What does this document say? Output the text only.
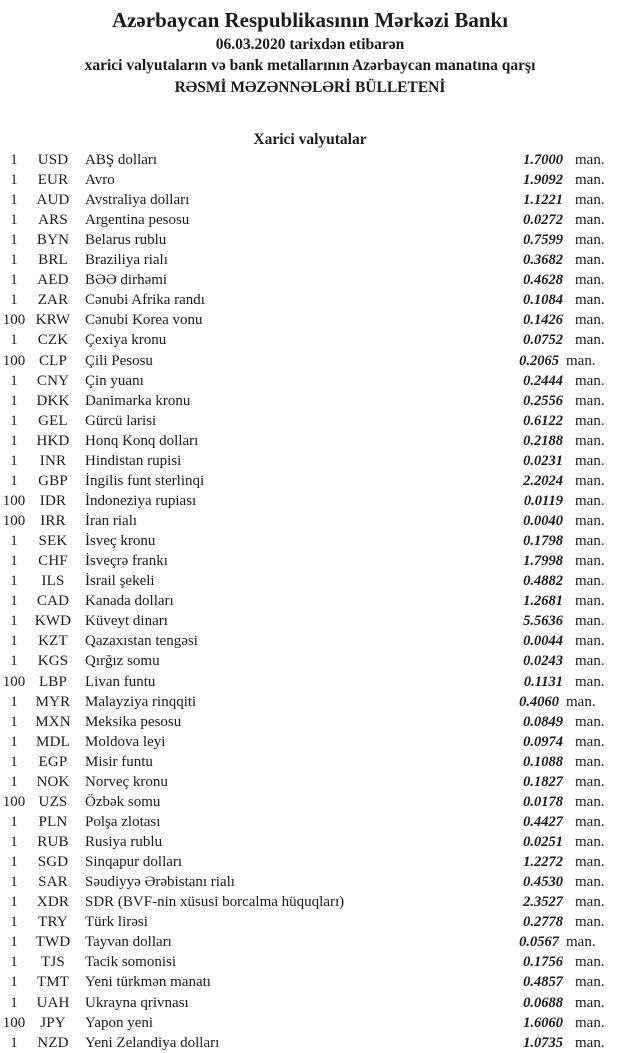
Azərbaycan Respublikasının Mərkəzi Bankı
06.03.2020 tarixdən etibarən
xarici valyutaların və bank metallarının Azərbaycan manatına qarşı
RƏSMİ MƏZƏNNƏLƏRİ BÜLLETENİ
Xarici valyutalar
1	USD	ABŞ dolları	1.7000 man.
1	EUR	Avro	1.9092 man.
1	AUD	Avstraliya dolları	1.1221 man.
1	ARS	Argentina pesosu	0.0272 man.
1	BYN	Belarus rublu	0.7599 man.
1	BRL	Braziliya rialı	0.3682 man.
1	AED	BƏƏ dirhəmi	0.4628 man.
1	ZAR	Cənubi Afrika randı	0.1084 man.
100 KRW Cənubi Korea vonu	0.1426 man.
1	CZK	Çexiya kronu	0.0752 man.
100 CLP	Çili Pesosu	0.2065 man.
1	CNY	Çin yuanı	0.2444 man.
1	DKK	Danimarka kronu	0.2556 man.
1	GEL	Gürcü larisi	0.6122 man.
1	HKD	Honq Konq dolları	0.2188 man.
1	INR	Hindistan rupisi	0.0231 man.
1	GBP	İngilis funt sterlinqi	2.2024 man.
100 IDR	İndoneziya rupiası	0.0119 man.
100 IRR	İran rialı	0.0040 man.
1	SEK	İsveç kronu	0.1798 man.
1	CHF	İsveçrə frankı	1.7998 man.
1	ILS	İsrail şekeli	0.4882 man.
1	CAD	Kanada dolları	1.2681 man.
1	KWD Küveyt dinarı	5.5636 man.
1	KZT	Qazaxıstan tengəsi	0.0044 man.
1	KGS	Qırğız somu	0.0243 man.
100 LBP	Livan funtu	0.1131 man.
1	MYR Malayziya rinqqiti	0.4060 man.
1	MXN Meksika pesosu	0.0849 man.
1	MDL	Moldova leyi	0.0974 man.
1	EGP	Misir funtu	0.1088 man.
1	NOK	Norveç kronu	0.1827 man.
100 UZS	Özbək somu	0.0178 man.
1	PLN	Polşa zlotası	0.4427 man.
1	RUB	Rusiya rublu	0.0251 man.
1	SGD	Sinqapur dolları	1.2272 man.
1	SAR	Səudiyyə Ərəbistanı rialı	0.4530 man.
1	XDR	SDR (BVF-nin xüsusi borcalma hüquqları)	2.3527 man.
1	TRY	Türk lirəsi	0.2778 man.
1	TWD Tayvan dolları	0.0567 man.
1	TJS	Tacik somonisi	0.1756 man.
1	TMT	Yeni türkmən manatı	0.4857 man.
1	UAH	Ukrayna qrivnası	0.0688 man.
100 JPY	Yapon yeni	1.6060 man.
1	NZD	Yeni Zelandiya dolları	1.0735 man.
